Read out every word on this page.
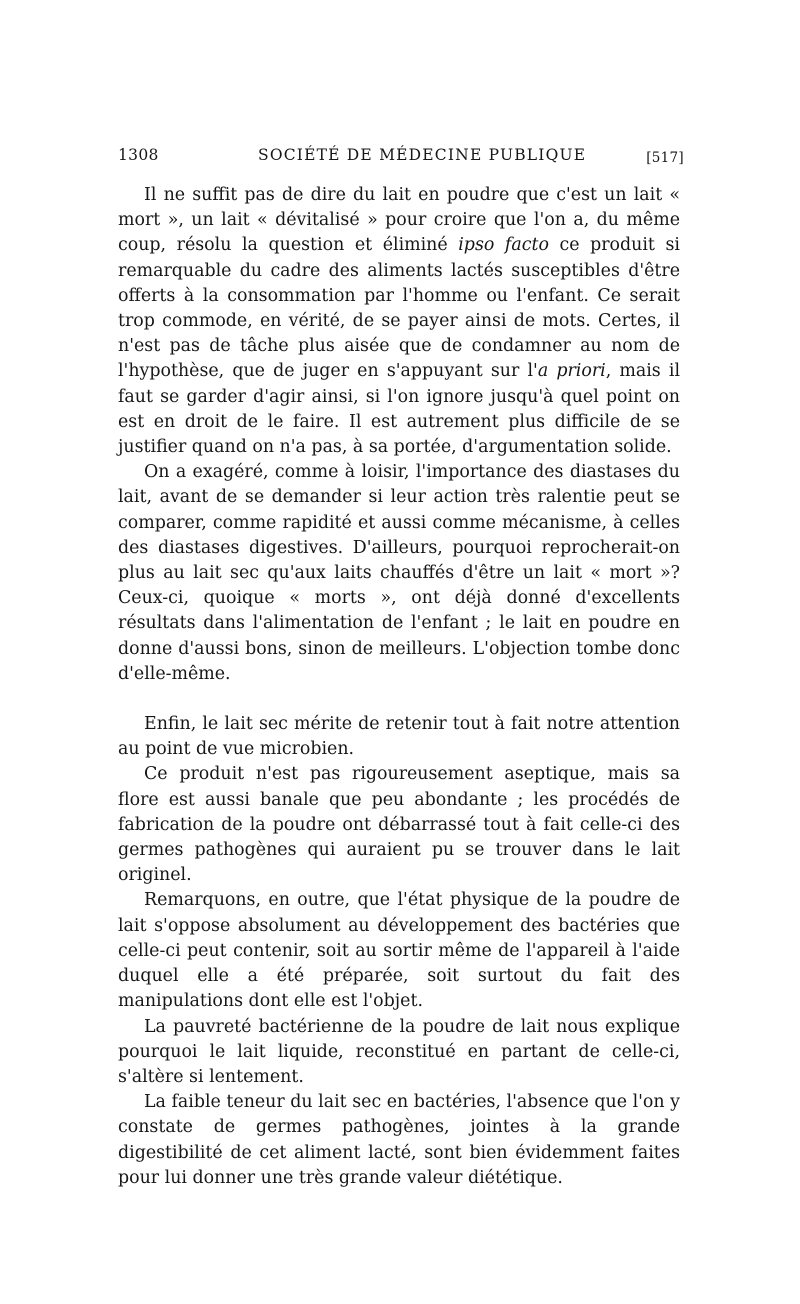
1308	SOCIÉTÉ DE MÉDECINE PUBLIQUE	[517]

Il ne suffit pas de dire du lait en poudre que c'est un lait « mort », un lait « dévitalisé » pour croire que l'on a, du même coup, résolu la question et éliminé ipso facto ce produit si remarquable du cadre des aliments lactés susceptibles d'être offerts à la consommation par l'homme ou l'enfant. Ce serait trop commode, en vérité, de se payer ainsi de mots. Certes, il n'est pas de tâche plus aisée que de condamner au nom de l'hypothèse, que de juger en s'appuyant sur l'a priori, mais il faut se garder d'agir ainsi, si l'on ignore jusqu'à quel point on est en droit de le faire. Il est autrement plus difficile de se justifier quand on n'a pas, à sa portée, d'argumentation solide.

On a exagéré, comme à loisir, l'importance des diastases du lait, avant de se demander si leur action très ralentie peut se comparer, comme rapidité et aussi comme mécanisme, à celles des diastases digestives. D'ailleurs, pourquoi reprocherait-on plus au lait sec qu'aux laits chauffés d'être un lait « mort »? Ceux-ci, quoique « morts », ont déjà donné d'excellents résultats dans l'alimentation de l'enfant ; le lait en poudre en donne d'aussi bons, sinon de meilleurs. L'objection tombe donc d'elle-même.

Enfin, le lait sec mérite de retenir tout à fait notre attention au point de vue microbien.

Ce produit n'est pas rigoureusement aseptique, mais sa flore est aussi banale que peu abondante ; les procédés de fabrication de la poudre ont débarrassé tout à fait celle-ci des germes pathogènes qui auraient pu se trouver dans le lait originel.

Remarquons, en outre, que l'état physique de la poudre de lait s'oppose absolument au développement des bactéries que celle-ci peut contenir, soit au sortir même de l'appareil à l'aide duquel elle a été préparée, soit surtout du fait des manipulations dont elle est l'objet.

La pauvreté bactérienne de la poudre de lait nous explique pourquoi le lait liquide, reconstitué en partant de celle-ci, s'altère si lentement.

La faible teneur du lait sec en bactéries, l'absence que l'on y constate de germes pathogènes, jointes à la grande digestibilité de cet aliment lacté, sont bien évidemment faites pour lui donner une très grande valeur diététique.
